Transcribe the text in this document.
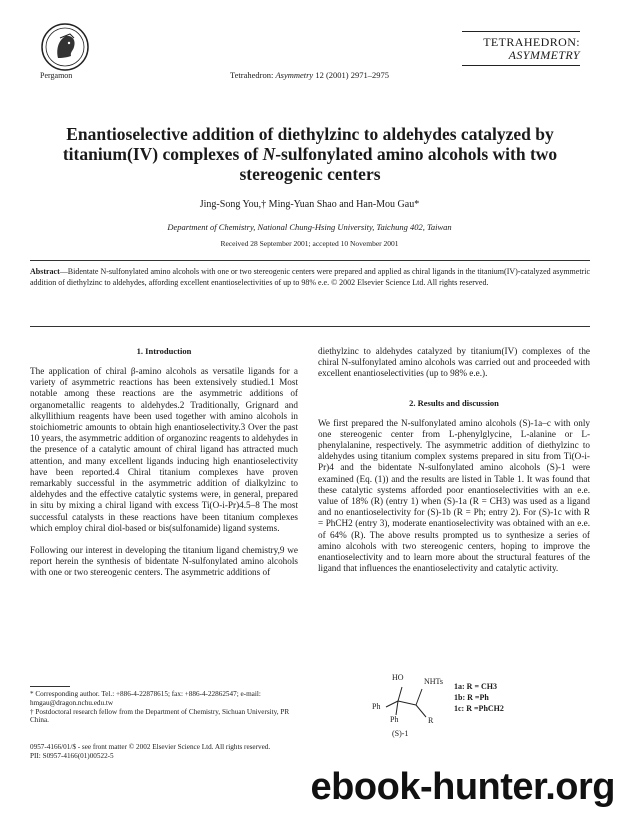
Pergamon	Tetrahedron: Asymmetry 12 (2001) 2971–2975
TETRAHEDRON:
ASYMMETRY
Enantioselective addition of diethylzinc to aldehydes catalyzed by titanium(IV) complexes of N-sulfonylated amino alcohols with two stereogenic centers
Jing-Song You,† Ming-Yuan Shao and Han-Mou Gau*
Department of Chemistry, National Chung-Hsing University, Taichung 402, Taiwan
Received 28 September 2001; accepted 10 November 2001
Abstract—Bidentate N-sulfonylated amino alcohols with one or two stereogenic centers were prepared and applied as chiral ligands in the titanium(IV)-catalyzed asymmetric addition of diethylzinc to aldehydes, affording excellent enantioselectivities of up to 98% e.e. © 2002 Elsevier Science Ltd. All rights reserved.
1. Introduction
The application of chiral β-amino alcohols as versatile ligands for a variety of asymmetric reactions has been extensively studied.1 Most notable among these reactions are the asymmetric additions of organometallic reagents to aldehydes.2 Traditionally, Grignard and alkyllithium reagents have been used together with amino alcohols in stoichiometric amounts to obtain high enantioselectivity.3 Over the past 10 years, the asymmetric addition of organozinc reagents to aldehydes in the presence of a catalytic amount of chiral ligand has attracted much attention, and many excellent ligands inducing high enantioselectivity have been reported.4 Chiral titanium complexes have proven remarkably successful in the asymmetric addition of dialkylzinc to aldehydes and the effective catalytic systems were, in general, prepared in situ by mixing a chiral ligand with excess Ti(O-i-Pr)4.5–8 The most successful catalysts in these reactions have been titanium complexes which employ chiral diol-based or bis(sulfonamide) ligand systems.
Following our interest in developing the titanium ligand chemistry,9 we report herein the synthesis of bidentate N-sulfonylated amino alcohols with one or two stereogenic centers. The asymmetric additions of
diethylzinc to aldehydes catalyzed by titanium(IV) complexes of the chiral N-sulfonylated amino alcohols was carried out and proceeded with excellent enantioselectivities (up to 98% e.e.).
2. Results and discussion
We first prepared the N-sulfonylated amino alcohols (S)-1a–c with only one stereogenic center from L-phenylglycine, L-alanine or L-phenylalanine, respectively. The asymmetric addition of diethylzinc to aldehydes using titanium complex systems prepared in situ from Ti(O-i-Pr)4 and the bidentate N-sulfonylated amino alcohols (S)-1 were examined (Eq. (1)) and the results are listed in Table 1. It was found that these catalytic systems afforded poor enantioselectivities with an e.e. value of 18% (R) (entry 1) when (S)-1a (R = CH3) was used as a ligand and no enantioselectivity for (S)-1b (R = Ph; entry 2). For (S)-1c with R = PhCH2 (entry 3), moderate enantioselectivity was obtained with an e.e. of 64% (R). The above results prompted us to synthesize a series of amino alcohols with two stereogenic centers, hoping to improve the enantioselectivity and to learn more about the structural features of the ligand that influences the enantioselectivity and catalytic activity.
HO	NHTs
Ph
Ph	R
(S)-1
1a: R = CH3
1b: R =Ph
1c: R =PhCH2
* Corresponding author. Tel.: +886-4-22878615; fax: +886-4-22862547; e-mail: hmgau@dragon.nchu.edu.tw
† Postdoctoral research fellow from the Department of Chemistry, Sichuan University, PR China.
0957-4166/01/$ - see front matter © 2002 Elsevier Science Ltd. All rights reserved.
PII: S0957-4166(01)00522-5
ebook-hunter.org
